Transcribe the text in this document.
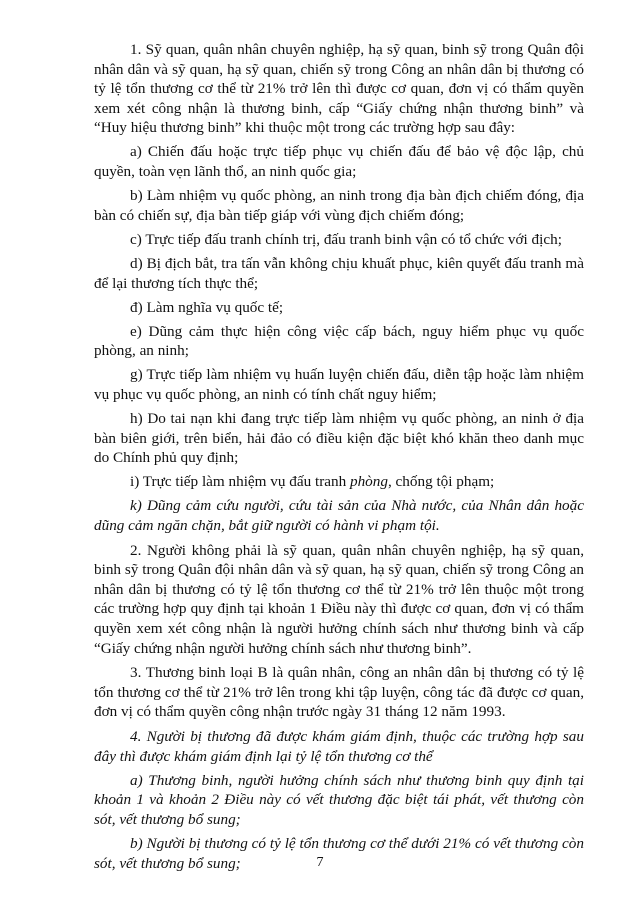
1. Sỹ quan, quân nhân chuyên nghiệp, hạ sỹ quan, binh sỹ trong Quân đội nhân dân và sỹ quan, hạ sỹ quan, chiến sỹ trong Công an nhân dân bị thương có tỷ lệ tổn thương cơ thể từ 21% trở lên thì được cơ quan, đơn vị có thẩm quyền xem xét công nhận là thương binh, cấp “Giấy chứng nhận thương binh” và “Huy hiệu thương binh” khi thuộc một trong các trường hợp sau đây:

a) Chiến đấu hoặc trực tiếp phục vụ chiến đấu để bảo vệ độc lập, chủ quyền, toàn vẹn lãnh thổ, an ninh quốc gia;

b) Làm nhiệm vụ quốc phòng, an ninh trong địa bàn địch chiếm đóng, địa bàn có chiến sự, địa bàn tiếp giáp với vùng địch chiếm đóng;

c) Trực tiếp đấu tranh chính trị, đấu tranh binh vận có tổ chức với địch;

d) Bị địch bắt, tra tấn vẫn không chịu khuất phục, kiên quyết đấu tranh mà để lại thương tích thực thể;

đ) Làm nghĩa vụ quốc tế;

e) Dũng cảm thực hiện công việc cấp bách, nguy hiểm phục vụ quốc phòng, an ninh;

g) Trực tiếp làm nhiệm vụ huấn luyện chiến đấu, diễn tập hoặc làm nhiệm vụ phục vụ quốc phòng, an ninh có tính chất nguy hiểm;

h) Do tai nạn khi đang trực tiếp làm nhiệm vụ quốc phòng, an ninh ở địa bàn biên giới, trên biển, hải đảo có điều kiện đặc biệt khó khăn theo danh mục do Chính phủ quy định;

i) Trực tiếp làm nhiệm vụ đấu tranh phòng, chống tội phạm;

k) Dũng cảm cứu người, cứu tài sản của Nhà nước, của Nhân dân hoặc dũng cảm ngăn chặn, bắt giữ người có hành vi phạm tội.

2. Người không phải là sỹ quan, quân nhân chuyên nghiệp, hạ sỹ quan, binh sỹ trong Quân đội nhân dân và sỹ quan, hạ sỹ quan, chiến sỹ trong Công an nhân dân bị thương có tỷ lệ tổn thương cơ thể từ 21% trở lên thuộc một trong các trường hợp quy định tại khoản 1 Điều này thì được cơ quan, đơn vị có thẩm quyền xem xét công nhận là người hưởng chính sách như thương binh và cấp “Giấy chứng nhận người hưởng chính sách như thương binh”.

3. Thương binh loại B là quân nhân, công an nhân dân bị thương có tỷ lệ tổn thương cơ thể từ 21% trở lên trong khi tập luyện, công tác đã được cơ quan, đơn vị có thẩm quyền công nhận trước ngày 31 tháng 12 năm 1993.

4. Người bị thương đã được khám giám định, thuộc các trường hợp sau đây thì được khám giám định lại tỷ lệ tổn thương cơ thể

a) Thương binh, người hưởng chính sách như thương binh quy định tại khoản 1 và khoản 2 Điều này có vết thương đặc biệt tái phát, vết thương còn sót, vết thương bổ sung;

b) Người bị thương có tỷ lệ tổn thương cơ thể dưới 21% có vết thương còn sót, vết thương bổ sung;	7
